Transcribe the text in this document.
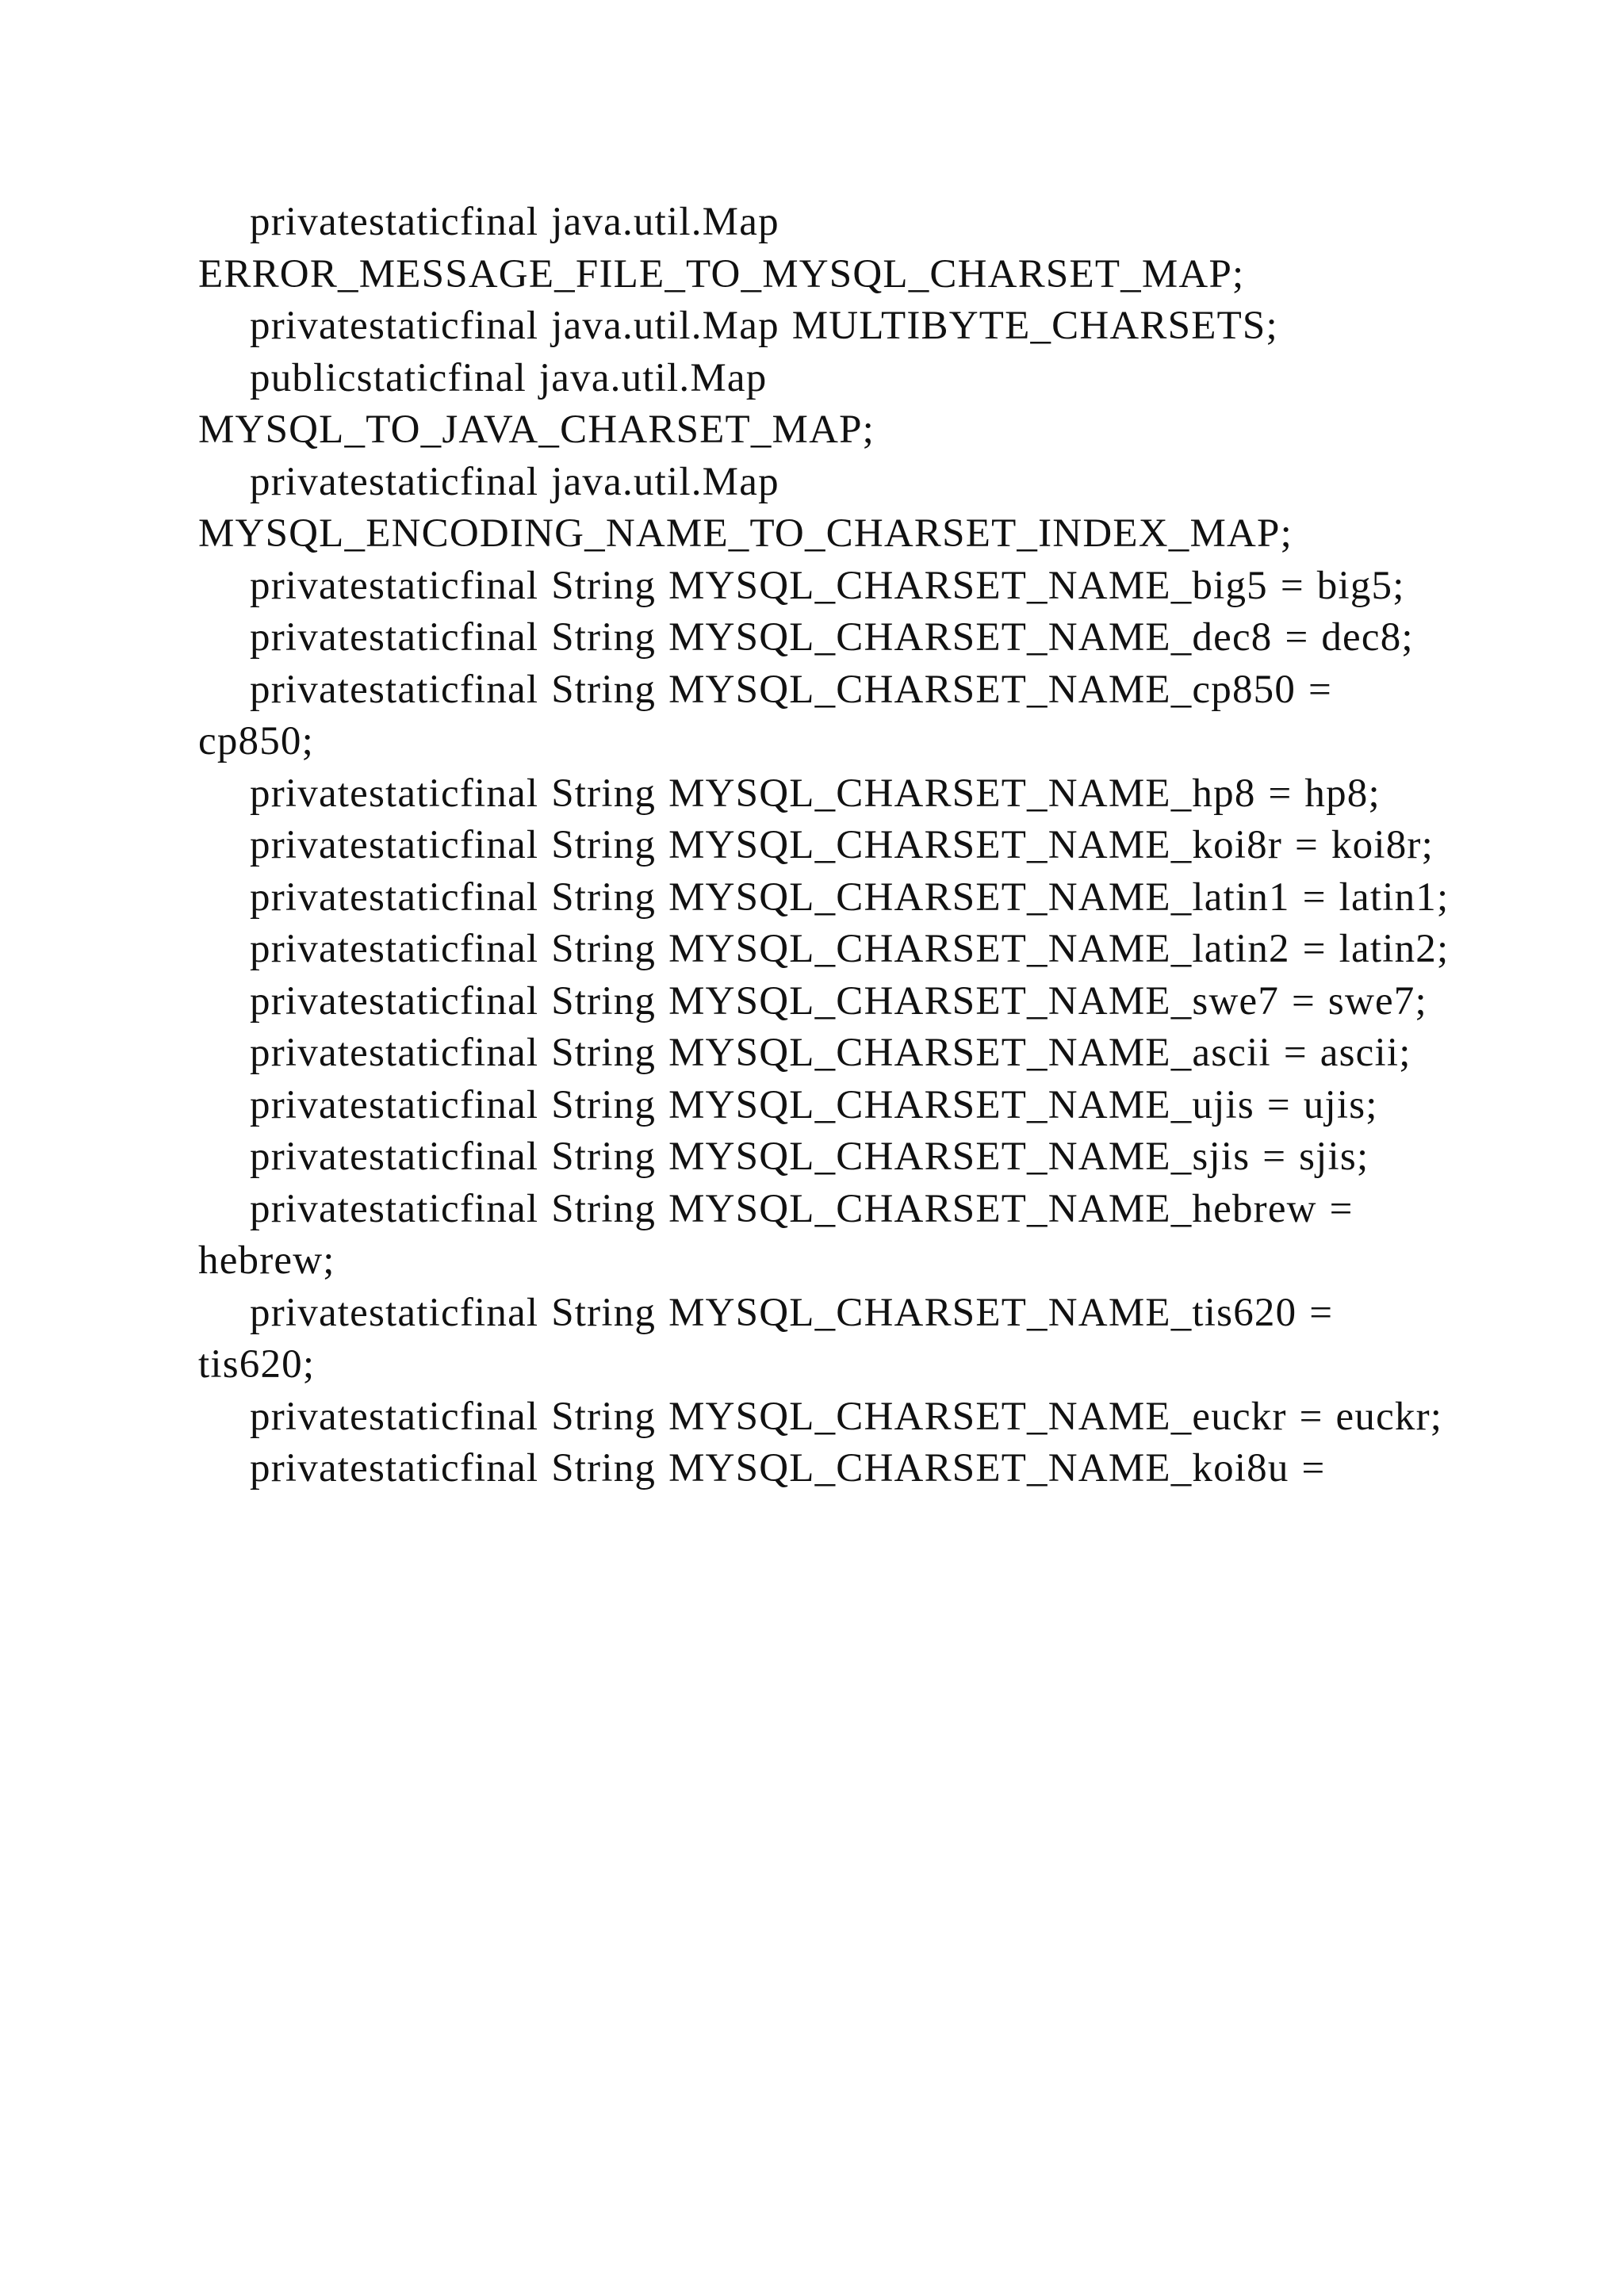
privatestaticfinal java.util.Map ERROR_MESSAGE_FILE_TO_MYSQL_CHARSET_MAP;

privatestaticfinal java.util.Map MULTIBYTE_CHARSETS;

publicstaticfinal java.util.Map MYSQL_TO_JAVA_CHARSET_MAP;

privatestaticfinal java.util.Map MYSQL_ENCODING_NAME_TO_CHARSET_INDEX_MAP;

privatestaticfinal String MYSQL_CHARSET_NAME_big5 = big5;

privatestaticfinal String MYSQL_CHARSET_NAME_dec8 = dec8;

privatestaticfinal String MYSQL_CHARSET_NAME_cp850 = cp850;

privatestaticfinal String MYSQL_CHARSET_NAME_hp8 = hp8;

privatestaticfinal String MYSQL_CHARSET_NAME_koi8r = koi8r;

privatestaticfinal String MYSQL_CHARSET_NAME_latin1 = latin1;

privatestaticfinal String MYSQL_CHARSET_NAME_latin2 = latin2;

privatestaticfinal String MYSQL_CHARSET_NAME_swe7 = swe7;

privatestaticfinal String MYSQL_CHARSET_NAME_ascii = ascii;

privatestaticfinal String MYSQL_CHARSET_NAME_ujis = ujis;

privatestaticfinal String MYSQL_CHARSET_NAME_sjis = sjis;

privatestaticfinal String MYSQL_CHARSET_NAME_hebrew = hebrew;

privatestaticfinal String MYSQL_CHARSET_NAME_tis620 = tis620;

privatestaticfinal String MYSQL_CHARSET_NAME_euckr = euckr;

privatestaticfinal String MYSQL_CHARSET_NAME_koi8u =
